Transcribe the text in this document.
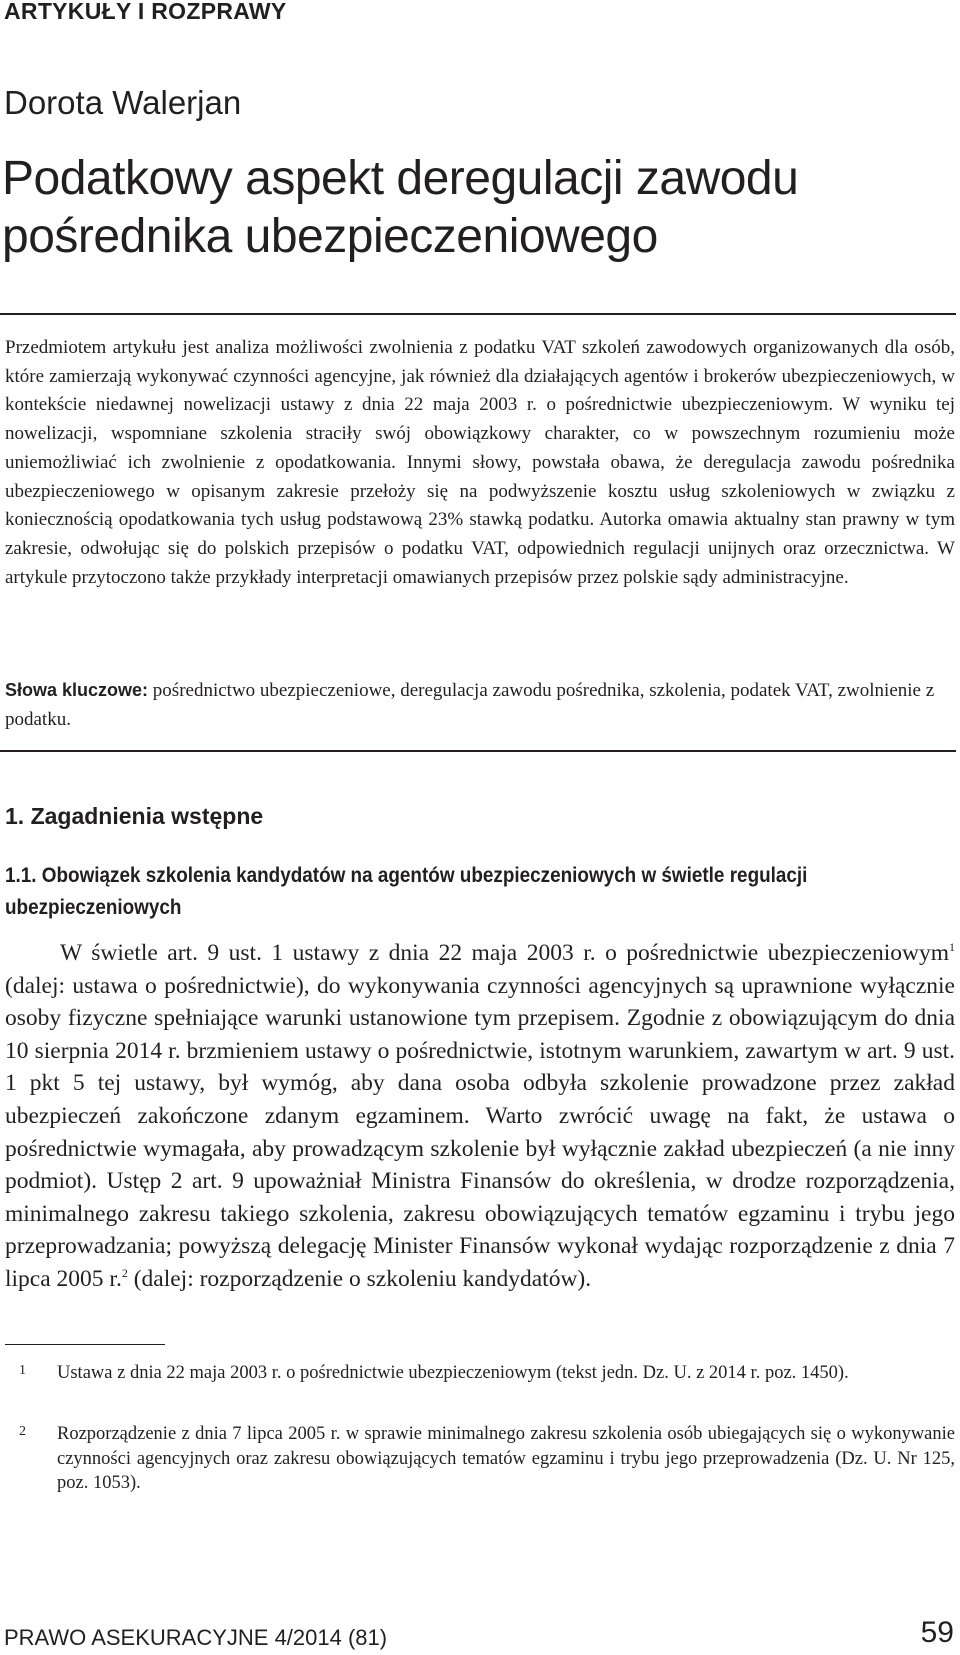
ARTYKUŁY I ROZPRAWY
Dorota Walerjan
Podatkowy aspekt deregulacji zawodu pośrednika ubezpieczeniowego

Przedmiotem artykułu jest analiza możliwości zwolnienia z podatku VAT szkoleń zawodowych organizowanych dla osób, które zamierzają wykonywać czynności agencyjne, jak również dla działających agentów i brokerów ubezpieczeniowych, w kontekście niedawnej nowelizacji ustawy z dnia 22 maja 2003 r. o pośrednictwie ubezpieczeniowym. W wyniku tej nowelizacji, wspomniane szkolenia straciły swój obowiązkowy charakter, co w powszechnym rozumieniu może uniemożliwiać ich zwolnienie z opodatkowania. Innymi słowy, powstała obawa, że deregulacja zawodu pośrednika ubezpieczeniowego w opisanym zakresie przełoży się na podwyższenie kosztu usług szkoleniowych w związku z koniecznością opodatkowania tych usług podstawową 23% stawką podatku. Autorka omawia aktualny stan prawny w tym zakresie, odwołując się do polskich przepisów o podatku VAT, odpowiednich regulacji unijnych oraz orzecznictwa. W artykule przytoczono także przykłady interpretacji omawianych przepisów przez polskie sądy administracyjne.

Słowa kluczowe: pośrednictwo ubezpieczeniowe, deregulacja zawodu pośrednika, szkolenia, podatek VAT, zwolnienie z podatku.

1. Zagadnienia wstępne
1.1. Obowiązek szkolenia kandydatów na agentów ubezpieczeniowych w świetle regulacji ubezpieczeniowych

W świetle art. 9 ust. 1 ustawy z dnia 22 maja 2003 r. o pośrednictwie ubezpieczeniowym$^1$ (dalej: ustawa o pośrednictwie), do wykonywania czynności agencyjnych są uprawnione wyłącznie osoby fizyczne spełniające warunki ustanowione tym przepisem. Zgodnie z obowiązującym do dnia 10 sierpnia 2014 r. brzmieniem ustawy o pośrednictwie, istotnym warunkiem, zawartym w art. 9 ust. 1 pkt 5 tej ustawy, był wymóg, aby dana osoba odbyła szkolenie prowadzone przez zakład ubezpieczeń zakończone zdanym egzaminem. Warto zwrócić uwagę na fakt, że ustawa o pośrednictwie wymagała, aby prowadzącym szkolenie był wyłącznie zakład ubezpieczeń (a nie inny podmiot). Ustęp 2 art. 9 upoważniał Ministra Finansów do określenia, w drodze rozporządzenia, minimalnego zakresu takiego szkolenia, zakresu obowiązujących tematów egzaminu i trybu jego przeprowadzania; powyższą delegację Minister Finansów wykonał wydając rozporządzenie z dnia 7 lipca 2005 r.$^2$ (dalej: rozporządzenie o szkoleniu kandydatów).

1 Ustawa z dnia 22 maja 2003 r. o pośrednictwie ubezpieczeniowym (tekst jedn. Dz. U. z 2014 r. poz. 1450).

2 Rozporządzenie z dnia 7 lipca 2005 r. w sprawie minimalnego zakresu szkolenia osób ubiegających się o wykonywanie czynności agencyjnych oraz zakresu obowiązujących tematów egzaminu i trybu jego przeprowadzenia (Dz. U. Nr 125, poz. 1053).

PRAWO ASEKURACYJNE 4/2014 (81)	59
